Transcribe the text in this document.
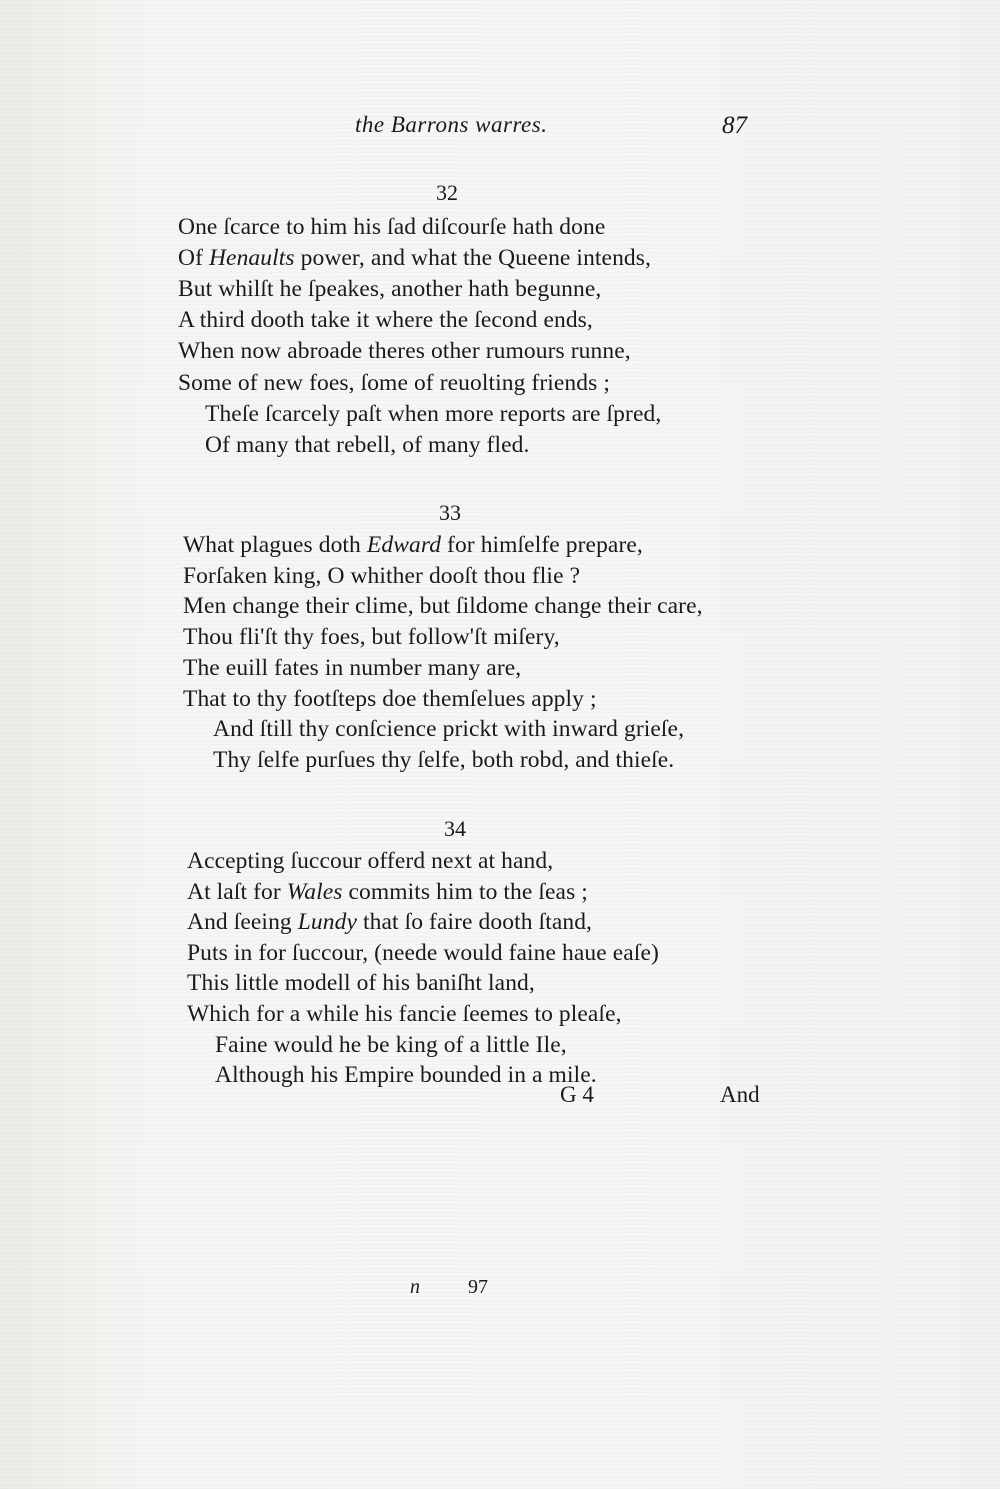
the Barrons warres.	87
32
One ſcarce to him his ſad diſcourſe hath done
Of Henaults power, and what the Queene intends,
But whilſt he ſpeakes, another hath begunne,
A third dooth take it where the ſecond ends,
When now abroade theres other rumours runne,
Some of new foes, ſome of reuolting friends ;
Theſe ſcarcely paſt when more reports are ſpred,
Of many that rebell, of many fled.
33
What plagues doth Edward for himſelfe prepare,
Forſaken king, O whither dooſt thou flie ?
Men change their clime, but ſildome change their care,
Thou fli'ſt thy foes, but follow'ſt miſery,
The euill fates in number many are,
That to thy footſteps doe themſelues apply ;
And ſtill thy conſcience prickt with inward grieſe,
Thy ſelfe purſues thy ſelfe, both robd, and thieſe.
34
Accepting ſuccour offerd next at hand,
At laſt for Wales commits him to the ſeas ;
And ſeeing Lundy that ſo faire dooth ſtand,
Puts in for ſuccour, (neede would faine haue eaſe)
This little modell of his baniſht land,
Which for a while his fancie ſeemes to pleaſe,
Faine would he be king of a little Ile,
Although his Empire bounded in a mile.
G 4	And
n 97
